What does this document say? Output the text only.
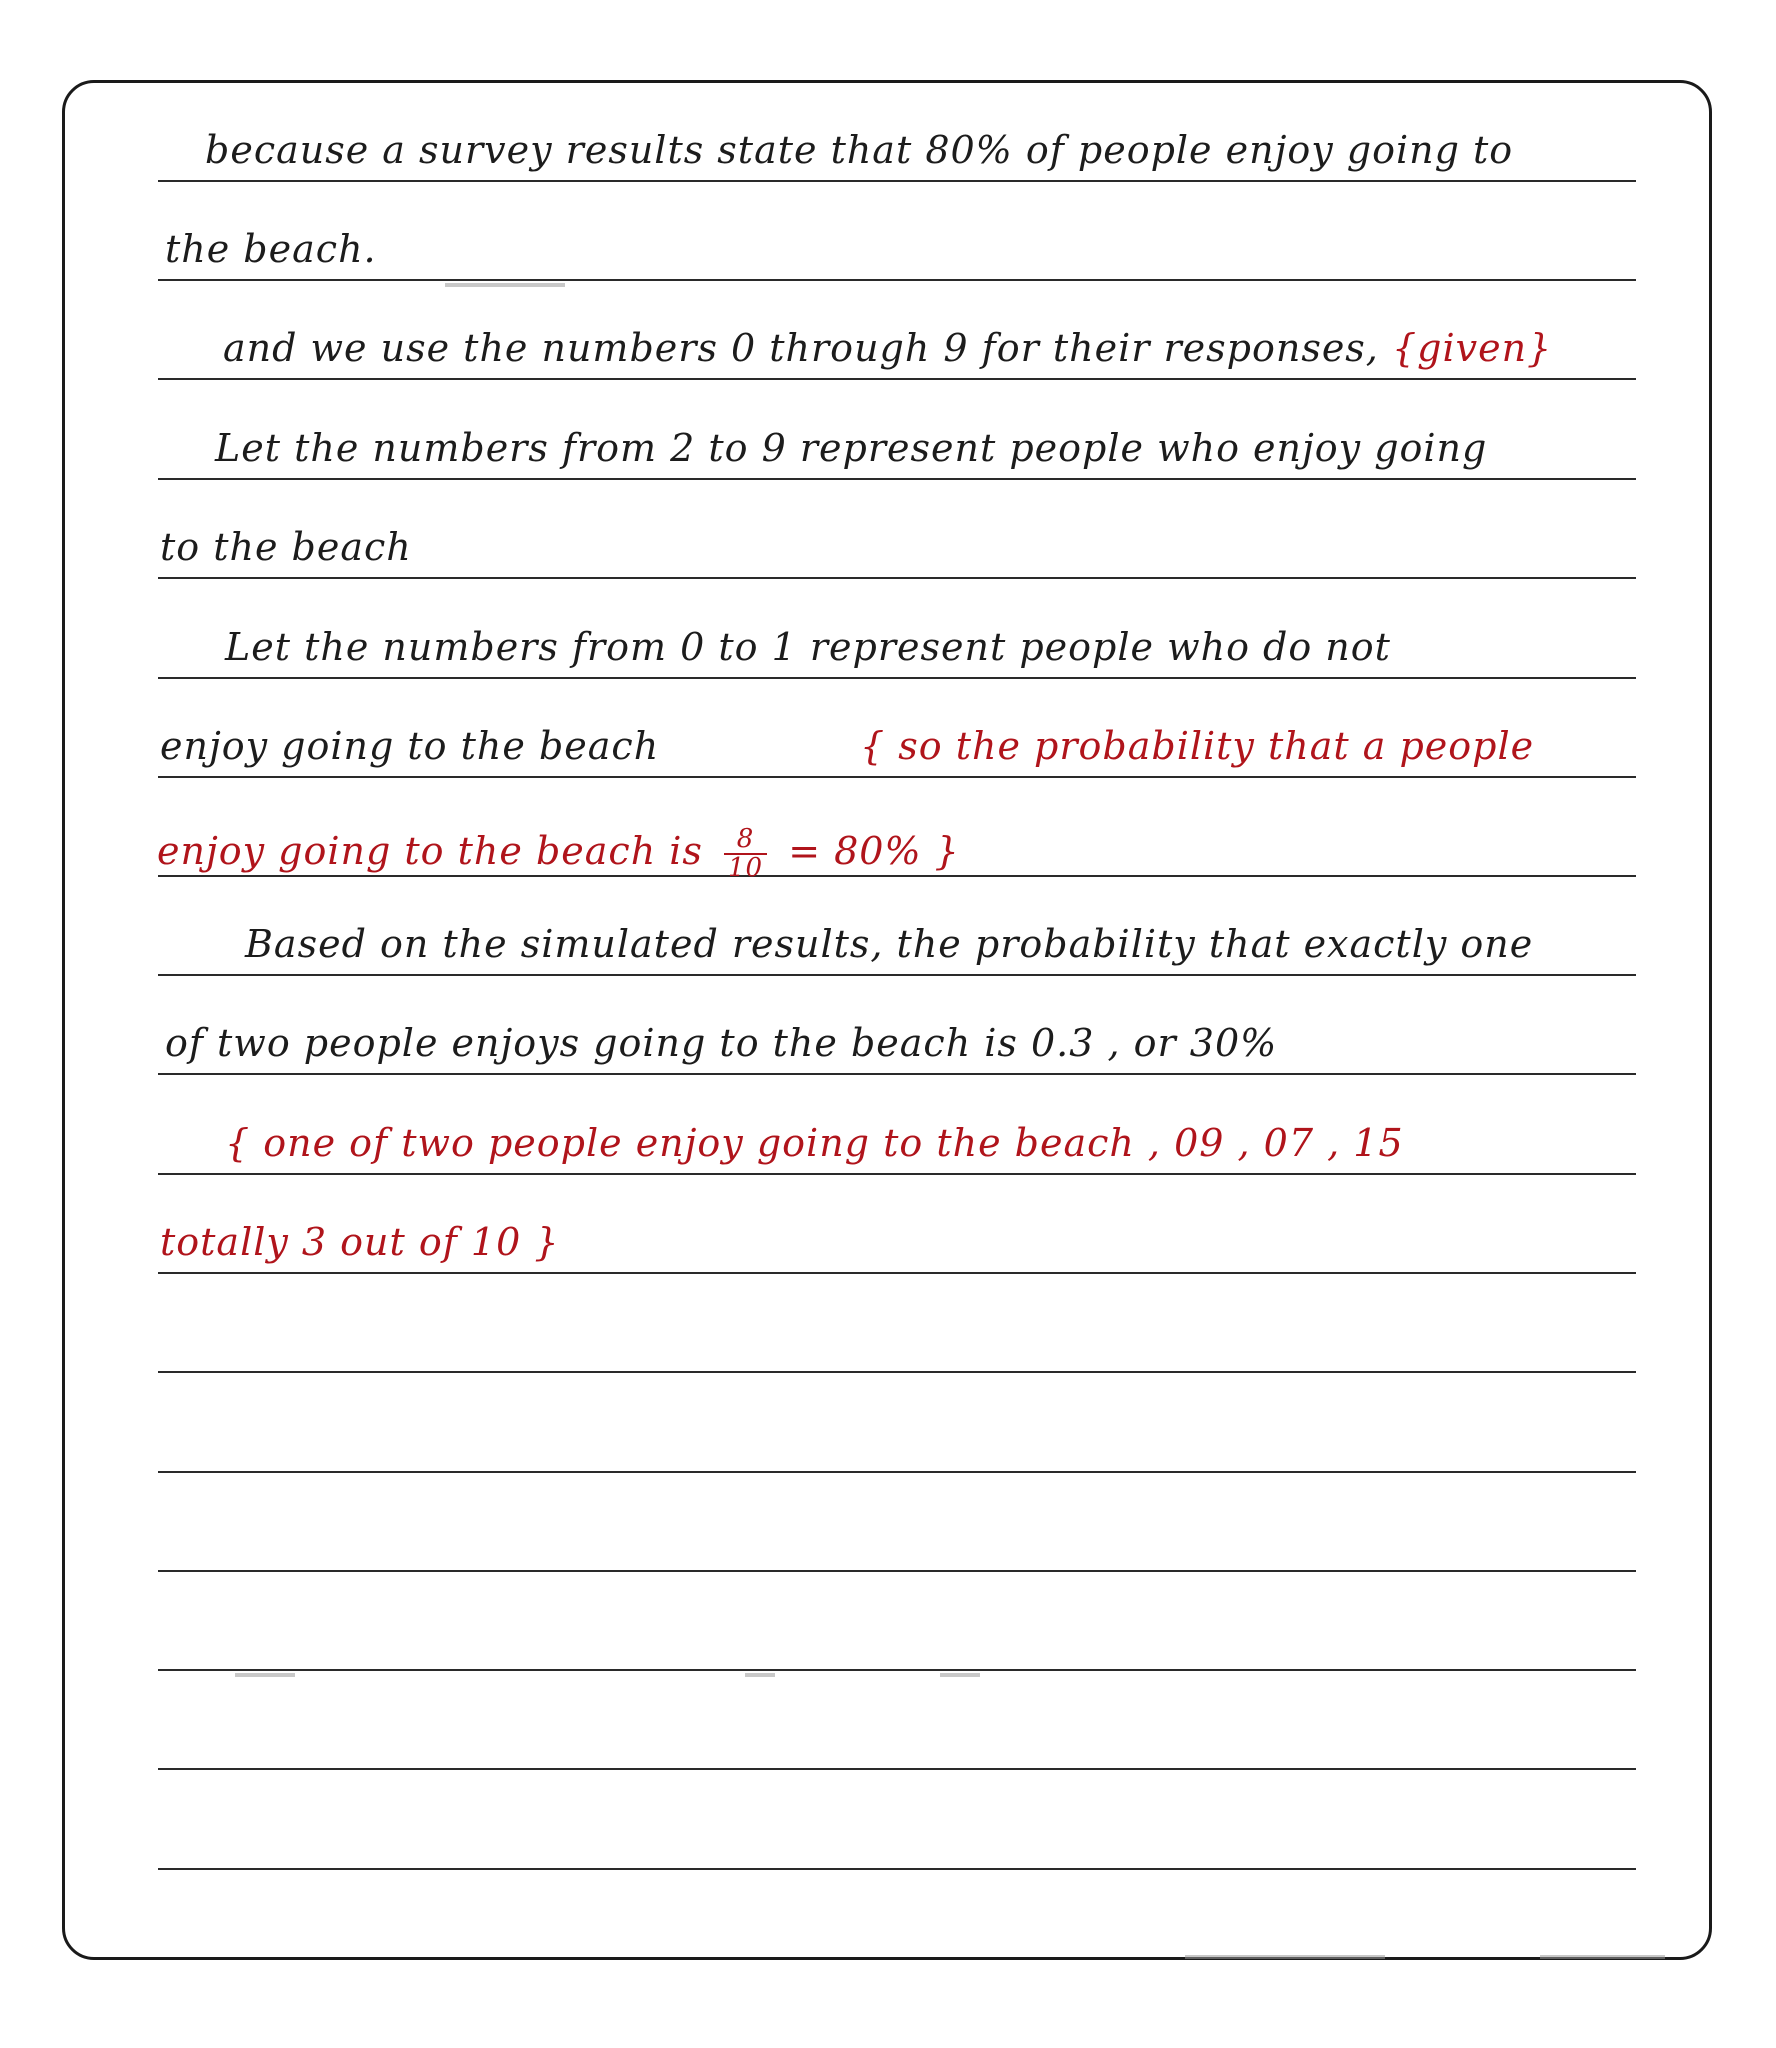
because a survey results state that 80% of people enjoy going to
the beach.
and we use the numbers 0 through 9 for their responses, {given}
Let the numbers from 2 to 9 represent people who enjoy going
to the beach
Let the numbers from 0 to 1 represent people who do not
enjoy going to the beach	{ so the probability that a people
enjoy going to the beach is $\frac{8}{10} = 80\%$ }
Based on the simulated results, the probability that exactly one
of two people enjoys going to the beach is 0.3 , or 30%
{ one of two people enjoy going to the beach , 09 , 07 , 15
totally 3 out of 10 }
